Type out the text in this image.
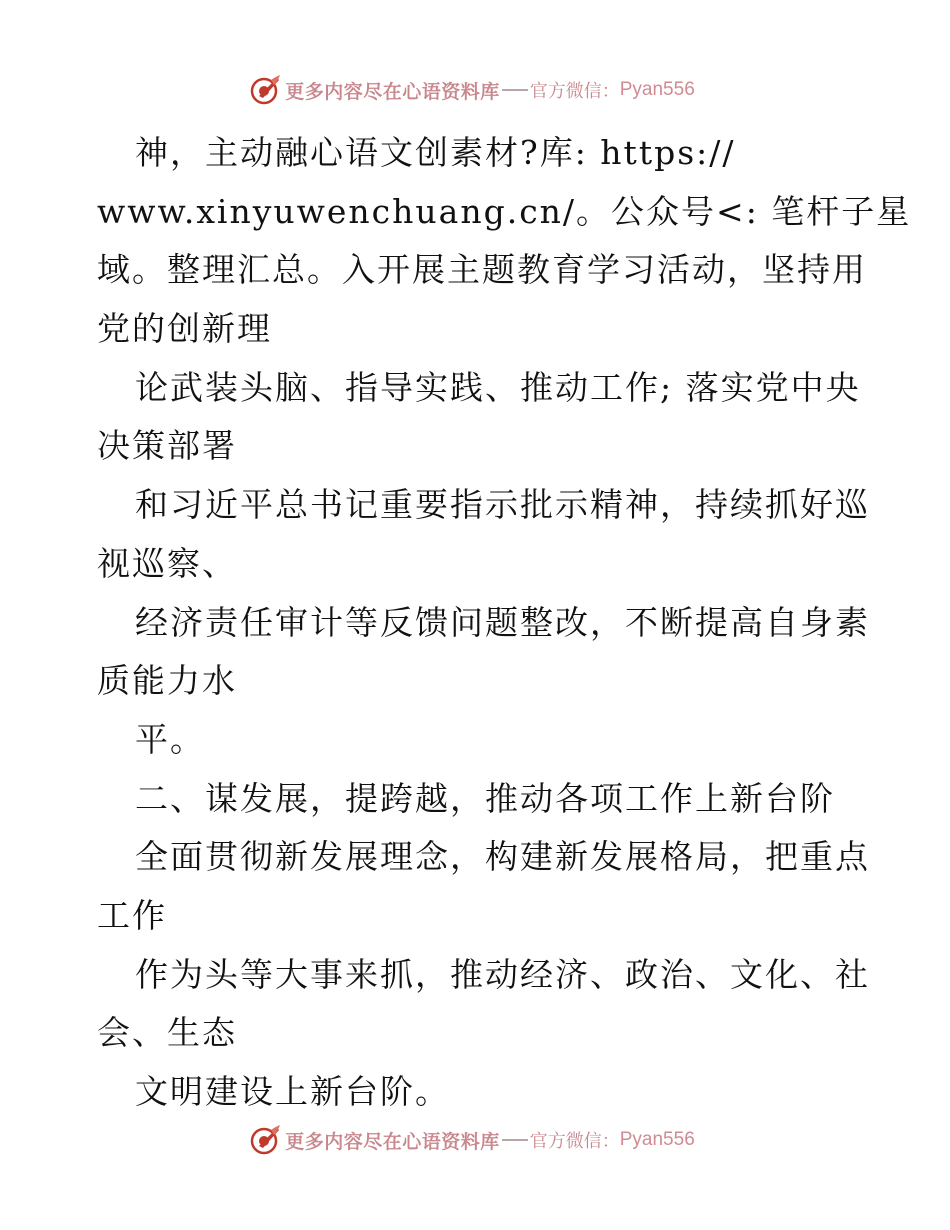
更多内容尽在心语资料库 官方微信： Pyan556
神，主动融心语文创素材?库: https://
www.xinyuwenchuang.cn/。公众号<: 笔杆子星
域。整理汇总。入开展主题教育学习活动，坚持用
党的创新理
论武装头脑、指导实践、推动工作; 落实党中央
决策部署
和习近平总书记重要指示批示精神，持续抓好巡
视巡察、
经济责任审计等反馈问题整改，不断提高自身素
质能力水
平。
二、谋发展，提跨越，推动各项工作上新台阶
全面贯彻新发展理念，构建新发展格局，把重点
工作
作为头等大事来抓，推动经济、政治、文化、社
会、生态
文明建设上新台阶。
更多内容尽在心语资料库 官方微信： Pyan556
